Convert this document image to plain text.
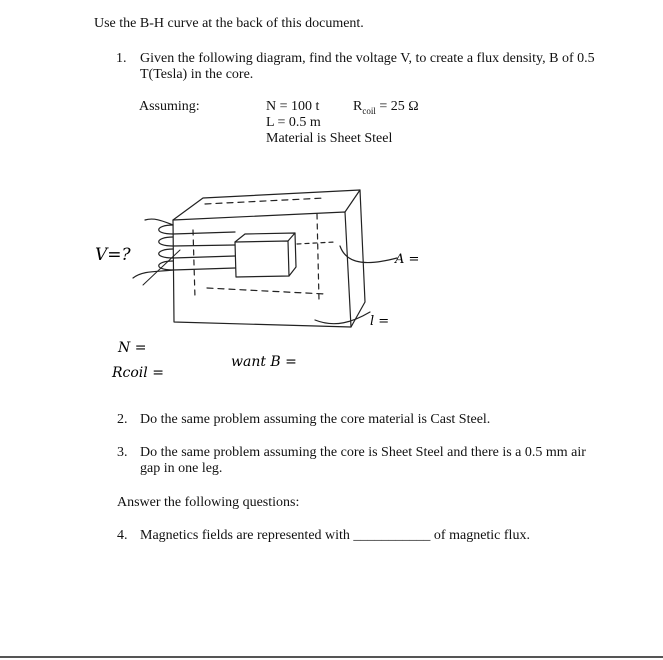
Use the B-H curve at the back of this document.
1. Given the following diagram, find the voltage V, to create a flux density, B of 0.5
T(Tesla) in the core.
Assuming:	N = 100 t $R_{coil} = 25$ Ω
L = 0.5 m
Material is Sheet Steel
V=?	A =
l =
N =
Rcoil =
want B =
2. Do the same problem assuming the core material is Cast Steel.
3. Do the same problem assuming the core is Sheet Steel and there is a 0.5 mm air
gap in one leg.
Answer the following questions:
4. Magnetics fields are represented with ___________ of magnetic flux.
